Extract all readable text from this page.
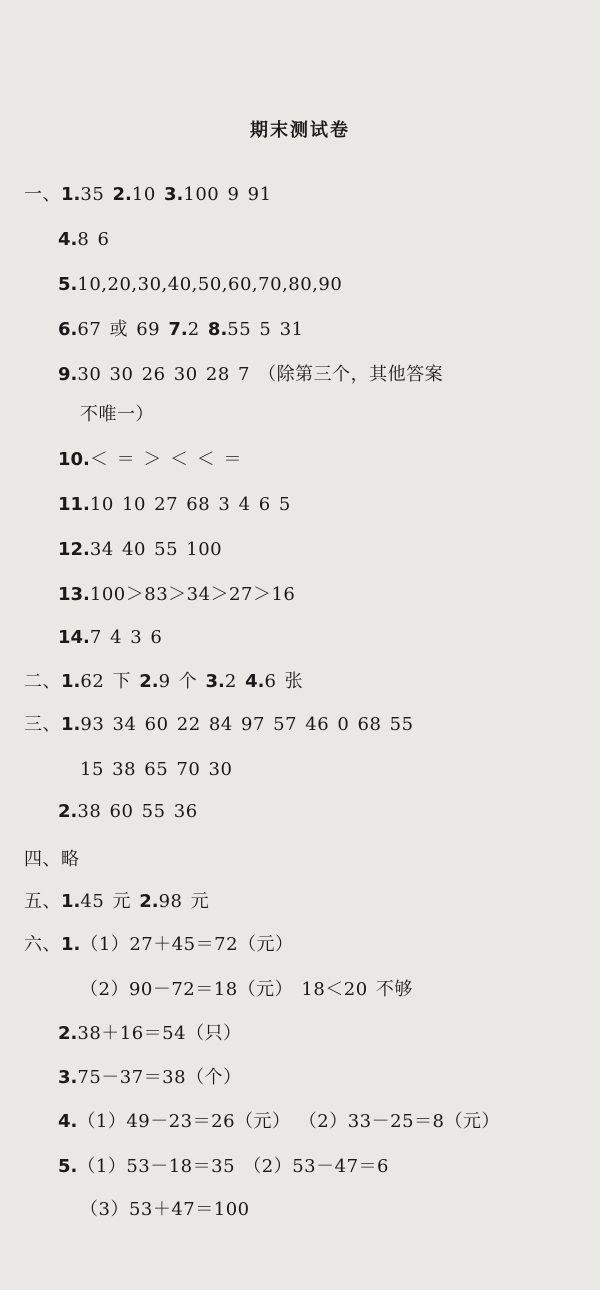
期末测试卷
一、1.35 2.10 3.100 9 91
4.8 6
5.10,20,30,40,50,60,70,80,90
6.67 或 69 7.2 8.55 5 31
9.30 30 26 30 28 7 （除第三个，其他答案
不唯一）
10.＜ ＝ ＞ ＜ ＜ ＝
11.10 10 27 68 3 4 6 5
12.34 40 55 100
13.100＞83＞34＞27＞16
14.7 4 3 6
二、1.62 下 2.9 个 3.2 4.6 张
三、1.93 34 60 22 84 97 57 46 0 68 55
15 38 65 70 30
2.38 60 55 36
四、略
五、1.45 元 2.98 元
六、1.（1）27＋45＝72（元）
（2）90－72＝18（元） 18＜20 不够
2.38＋16＝54（只）
3.75－37＝38（个）
4.（1）49－23＝26（元） （2）33－25＝8（元）
5.（1）53－18＝35 （2）53－47＝6
（3）53＋47＝100
